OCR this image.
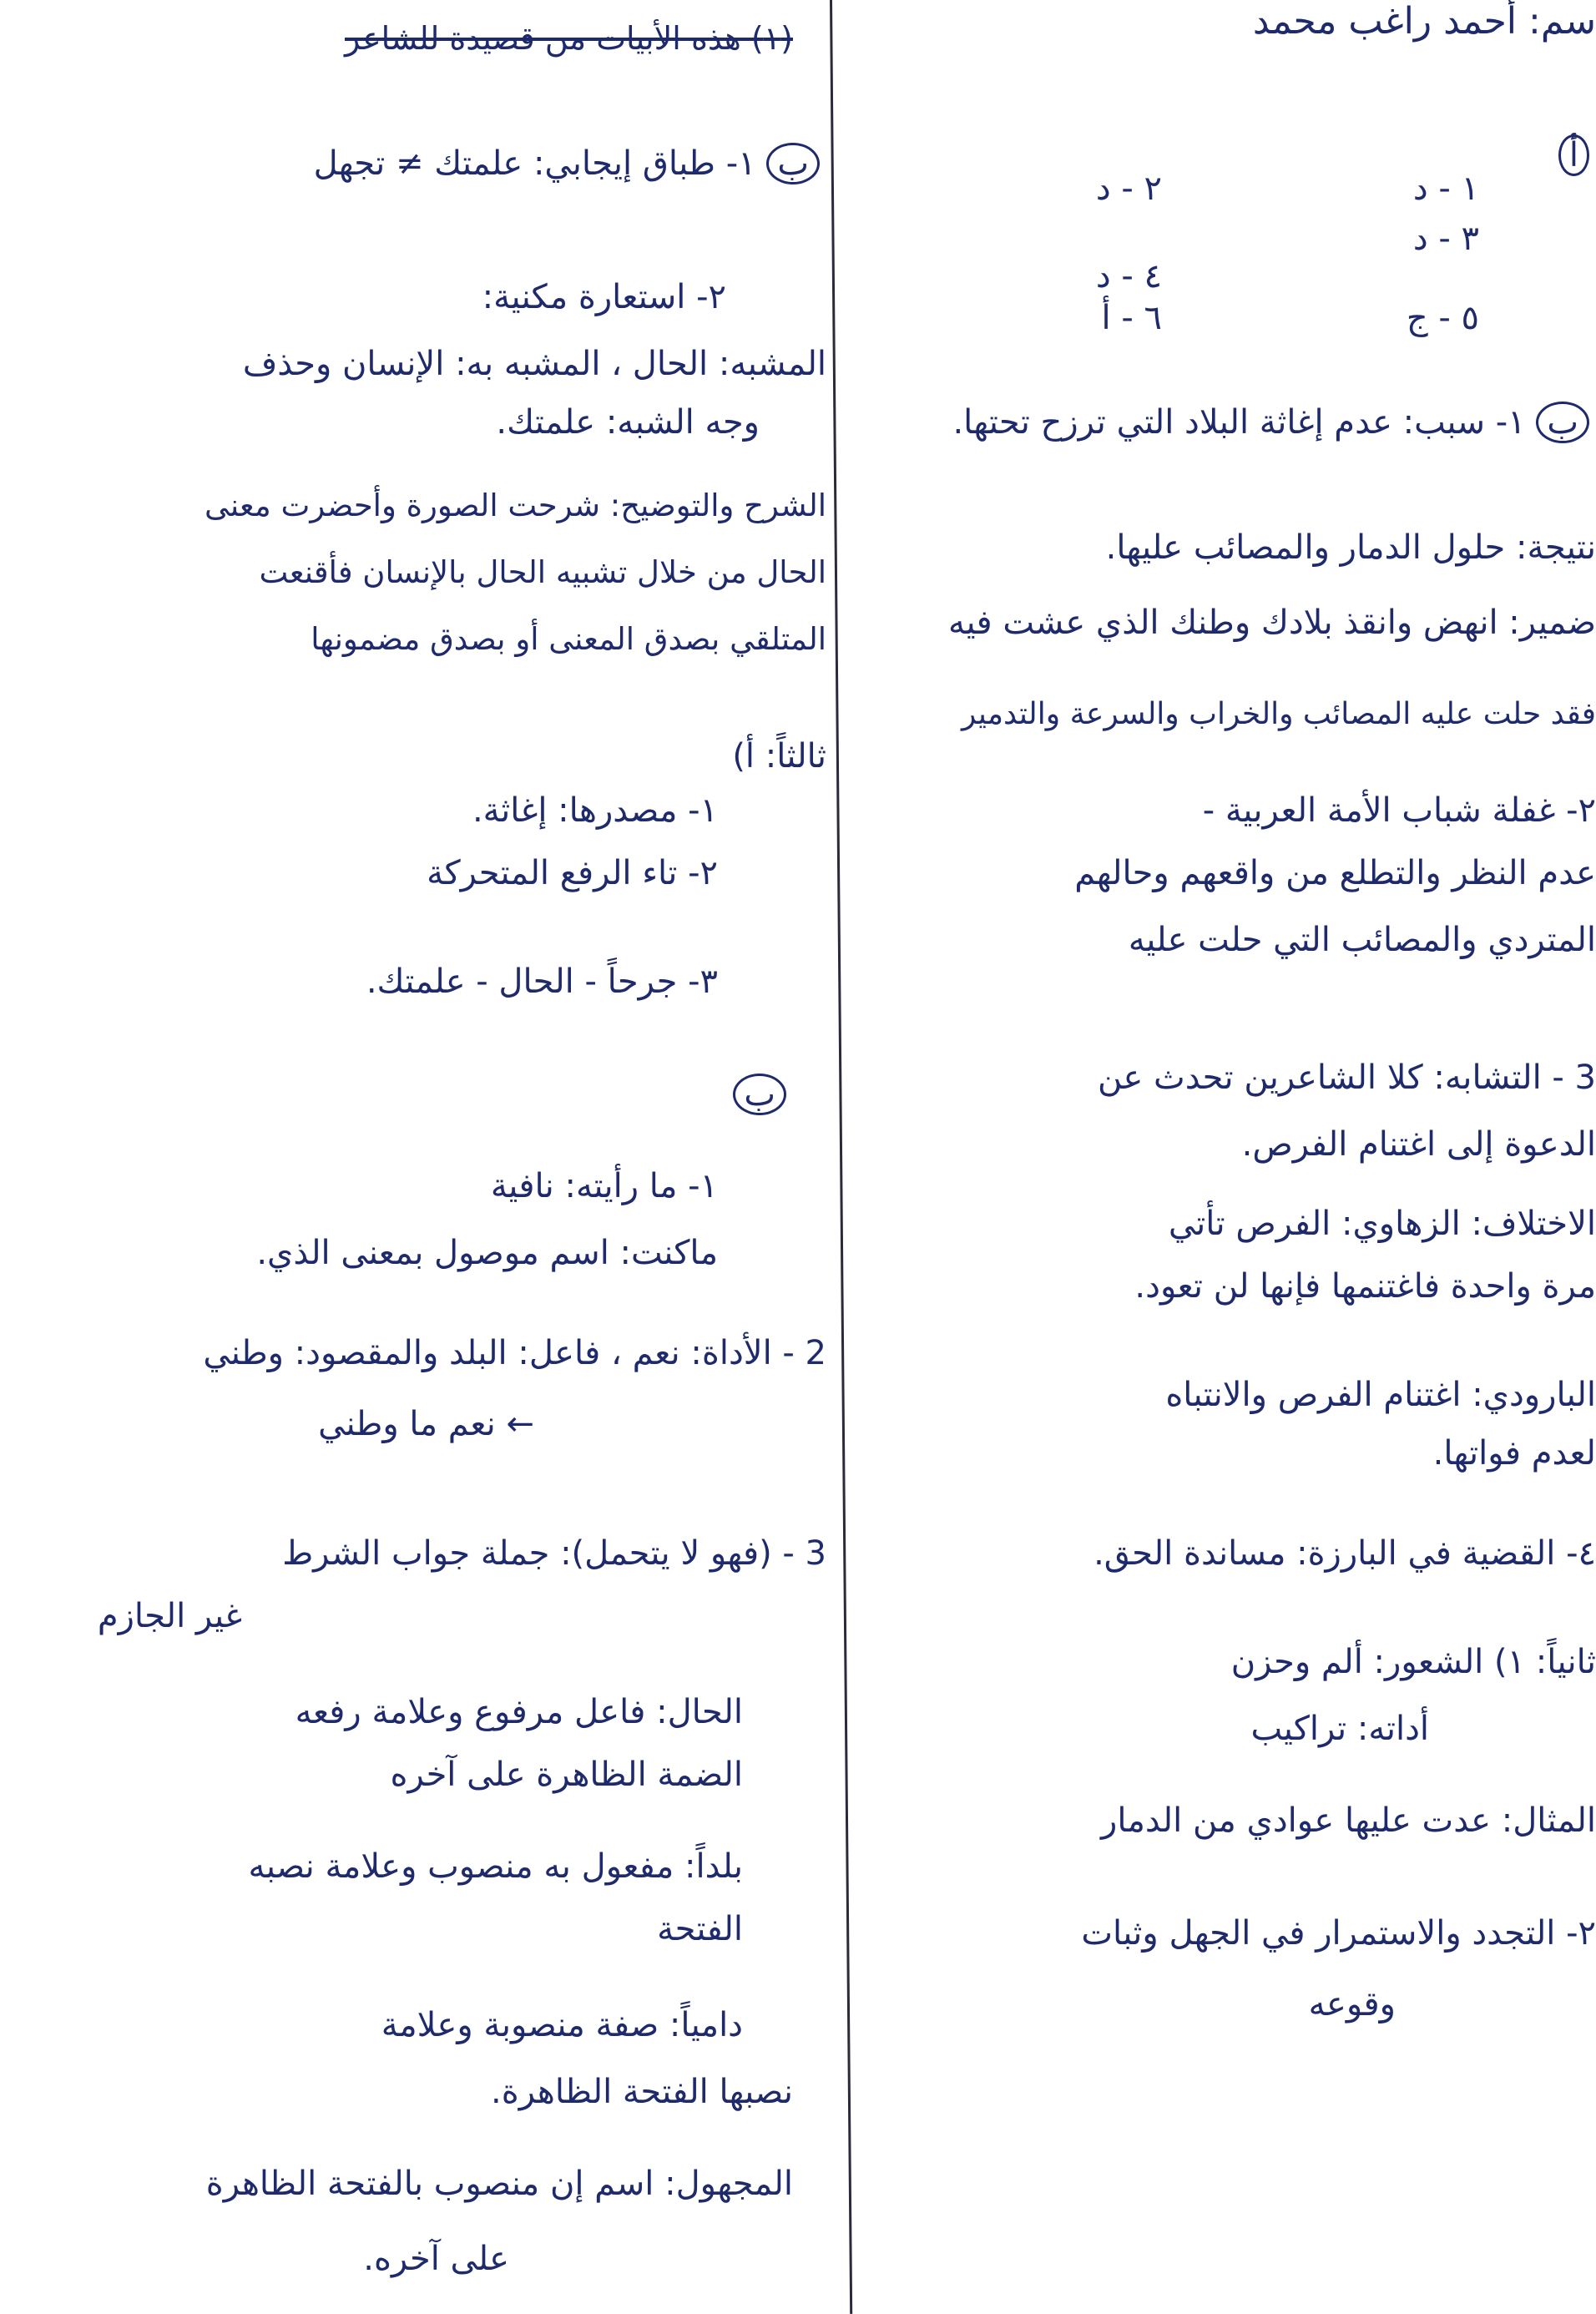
سم: أحمد راغب محمد
أ
١ - د
٢ - د
٣ - د
٤ - د
٥ - ج
٦ - أ
ب ١- سبب: عدم إغاثة البلاد التي ترزح تحتها.
نتيجة: حلول الدمار والمصائب عليها.
ضمير: انهض وانقذ بلادك وطنك الذي عشت فيه
فقد حلت عليه المصائب والخراب والسرعة والتدمير
٢- غفلة شباب الأمة العربية -
عدم النظر والتطلع من واقعهم وحالهم
المتردي والمصائب التي حلت عليه
3 - التشابه: كلا الشاعرين تحدث عن
الدعوة إلى اغتنام الفرص.
الاختلاف: الزهاوي: الفرص تأتي
مرة واحدة فاغتنمها فإنها لن تعود.
البارودي: اغتنام الفرص والانتباه
لعدم فواتها.
٤- القضية في البارزة: مساندة الحق.
ثانياً: ١) الشعور: ألم وحزن
أداته: تراكيب
المثال: عدت عليها عوادي من الدمار
٢- التجدد والاستمرار في الجهل وثبات
وقوعه
(١) هذه الأبيات من قصيدة للشاعر
ب ١- طباق إيجابي: علمتك ≠ تجهل
٢- استعارة مكنية:
المشبه: الحال ، المشبه به: الإنسان وحذف
وجه الشبه: علمتك.
الشرح والتوضيح: شرحت الصورة وأحضرت معنى
الحال من خلال تشبيه الحال بالإنسان فأقنعت
المتلقي بصدق المعنى أو بصدق مضمونها
ثالثاً: أ)
١- مصدرها: إغاثة.
٢- تاء الرفع المتحركة
٣- جرحاً - الحال - علمتك.
ب
١- ما رأيته: نافية
ماكنت: اسم موصول بمعنى الذي.
2 - الأداة: نعم ، فاعل: البلد والمقصود: وطني
← نعم ما وطني
3 - (فهو لا يتحمل): جملة جواب الشرط
غير الجازم
الحال: فاعل مرفوع وعلامة رفعه
الضمة الظاهرة على آخره
بلداً: مفعول به منصوب وعلامة نصبه
الفتحة
دامياً: صفة منصوبة وعلامة
نصبها الفتحة الظاهرة.
المجهول: اسم إن منصوب بالفتحة الظاهرة
على آخره.
